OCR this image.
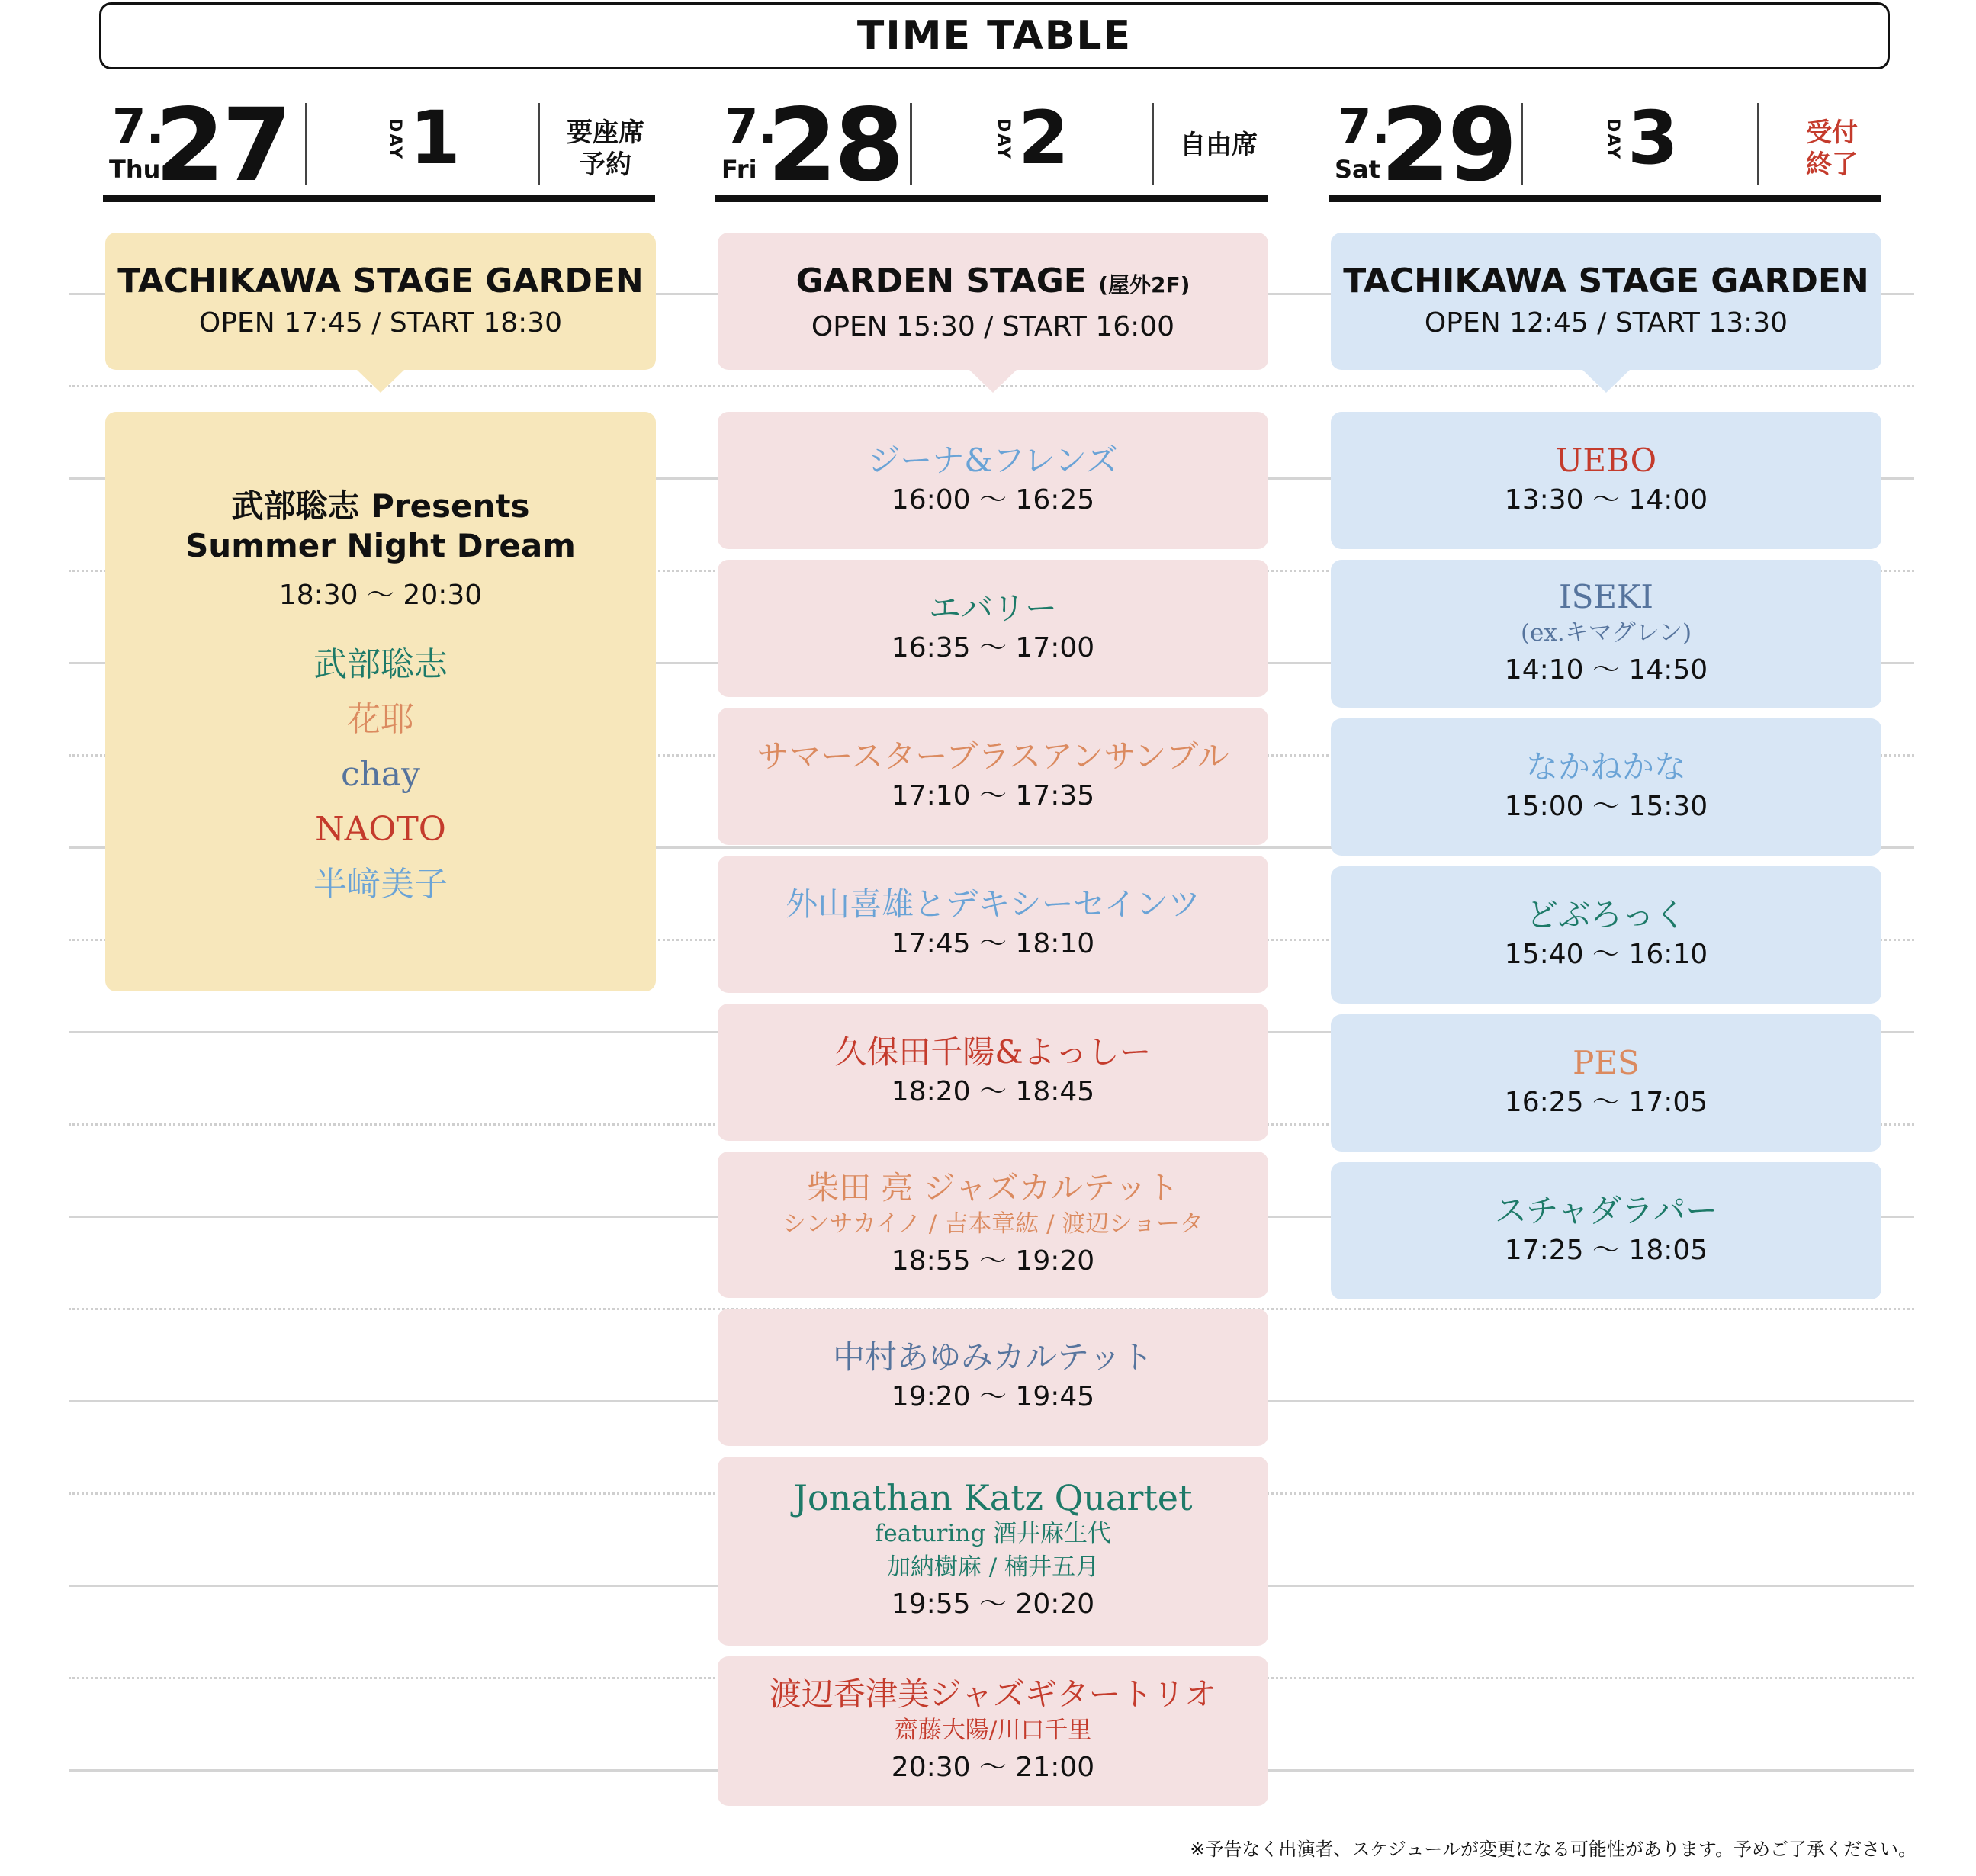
TIME TABLE
7.
Thu
27	DAY 1	要座席
予約
TACHIKAWA STAGE GARDEN
OPEN 17:45 / START 18:30
武部聡志 Presents
Summer Night Dream
18:30 〜 20:30
武部聡志
花耶
chay
NAOTO
半﨑美子
7.
Fri 28	DAY 2	自由席
GARDEN STAGE (屋外2F)
OPEN 15:30 / START 16:00
ジーナ&フレンズ
16:00 〜 16:25
エバリー
16:35 〜 17:00
サマースターブラスアンサンブル
17:10 〜 17:35
外山喜雄とデキシーセインツ
17:45 〜 18:10
久保田千陽&よっしー
18:20 〜 18:45
柴田 亮 ジャズカルテット
シンサカイノ / 吉本章紘 / 渡辺ショータ
18:55 〜 19:20
中村あゆみカルテット
19:20 〜 19:45
Jonathan Katz Quartet
featuring 酒井麻生代
加納樹麻 / 楠井五月
19:55 〜 20:20
渡辺香津美ジャズギタートリオ
齋藤大陽/川口千里
20:30 〜 21:00
7.
Sat 29	DAY 3	受付
終了
TACHIKAWA STAGE GARDEN
OPEN 12:45 / START 13:30
UEBO
13:30 〜 14:00
ISEKI
(ex.キマグレン)
14:10 〜 14:50
なかねかな
15:00 〜 15:30
どぶろっく
15:40 〜 16:10
PES
16:25 〜 17:05
スチャダラパー
17:25 〜 18:05
※予告なく出演者、スケジュールが変更になる可能性があります。予めご了承ください。
